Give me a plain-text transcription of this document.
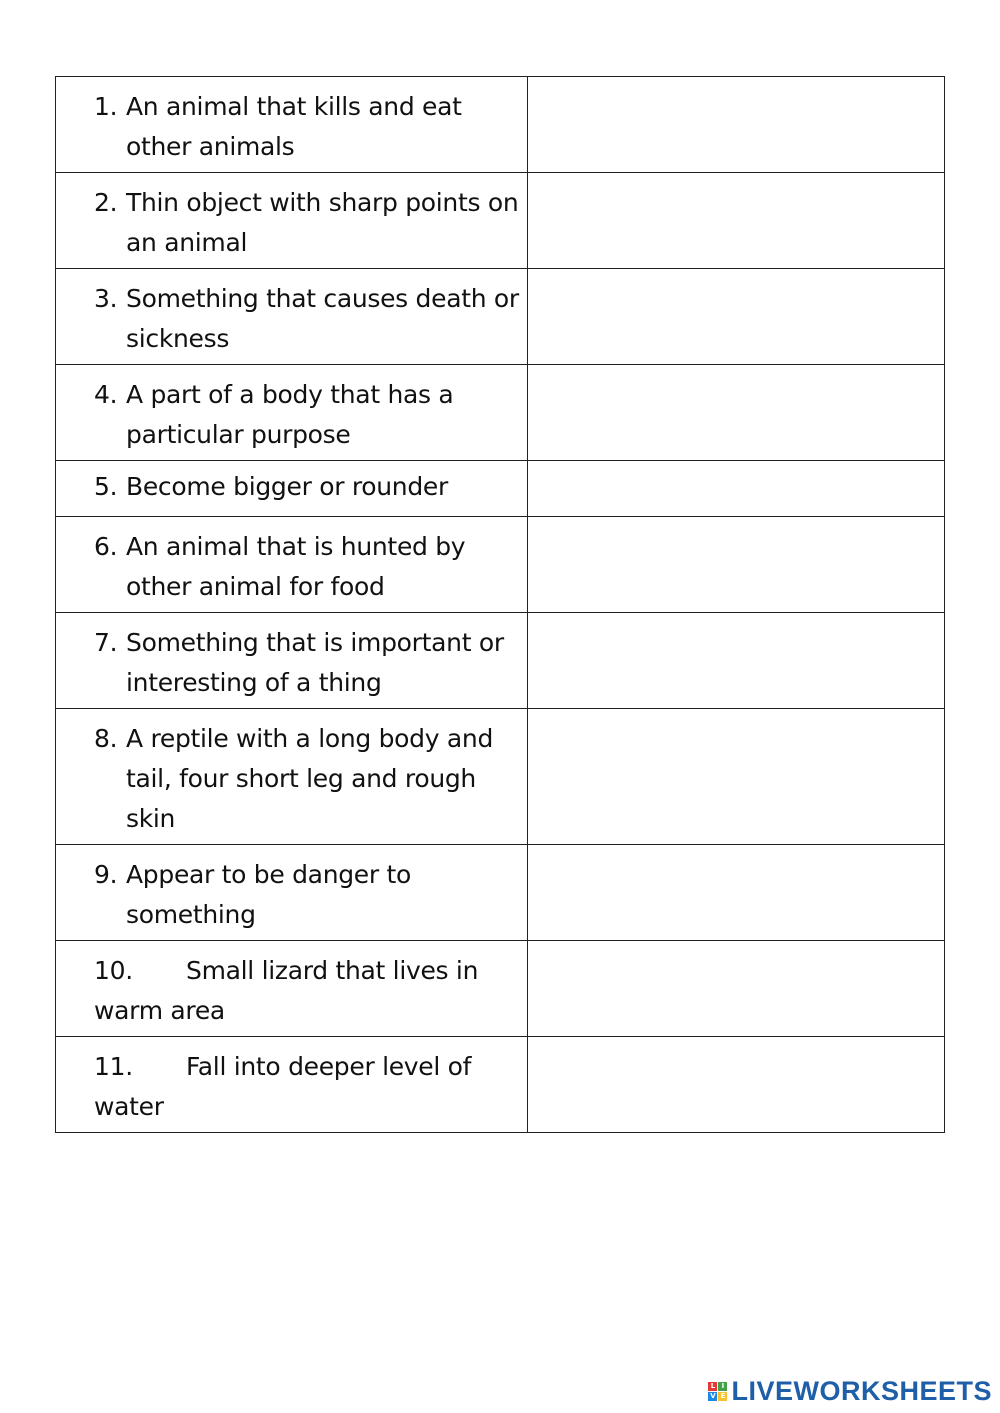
1. An animal that kills and eat other animals

2. Thin object with sharp points on an animal

3. Something that causes death or sickness

4. A part of a body that has a particular purpose

5. Become bigger or rounder

6. An animal that is hunted by other animal for food

7. Something that is important or interesting of a thing

8. A reptile with a long body and tail, four short leg and rough skin

9. Appear to be danger to something

10. Small lizard that lives in warm area

11. Fall into deeper level of water

L I
V E LIVEWORKSHEETS
